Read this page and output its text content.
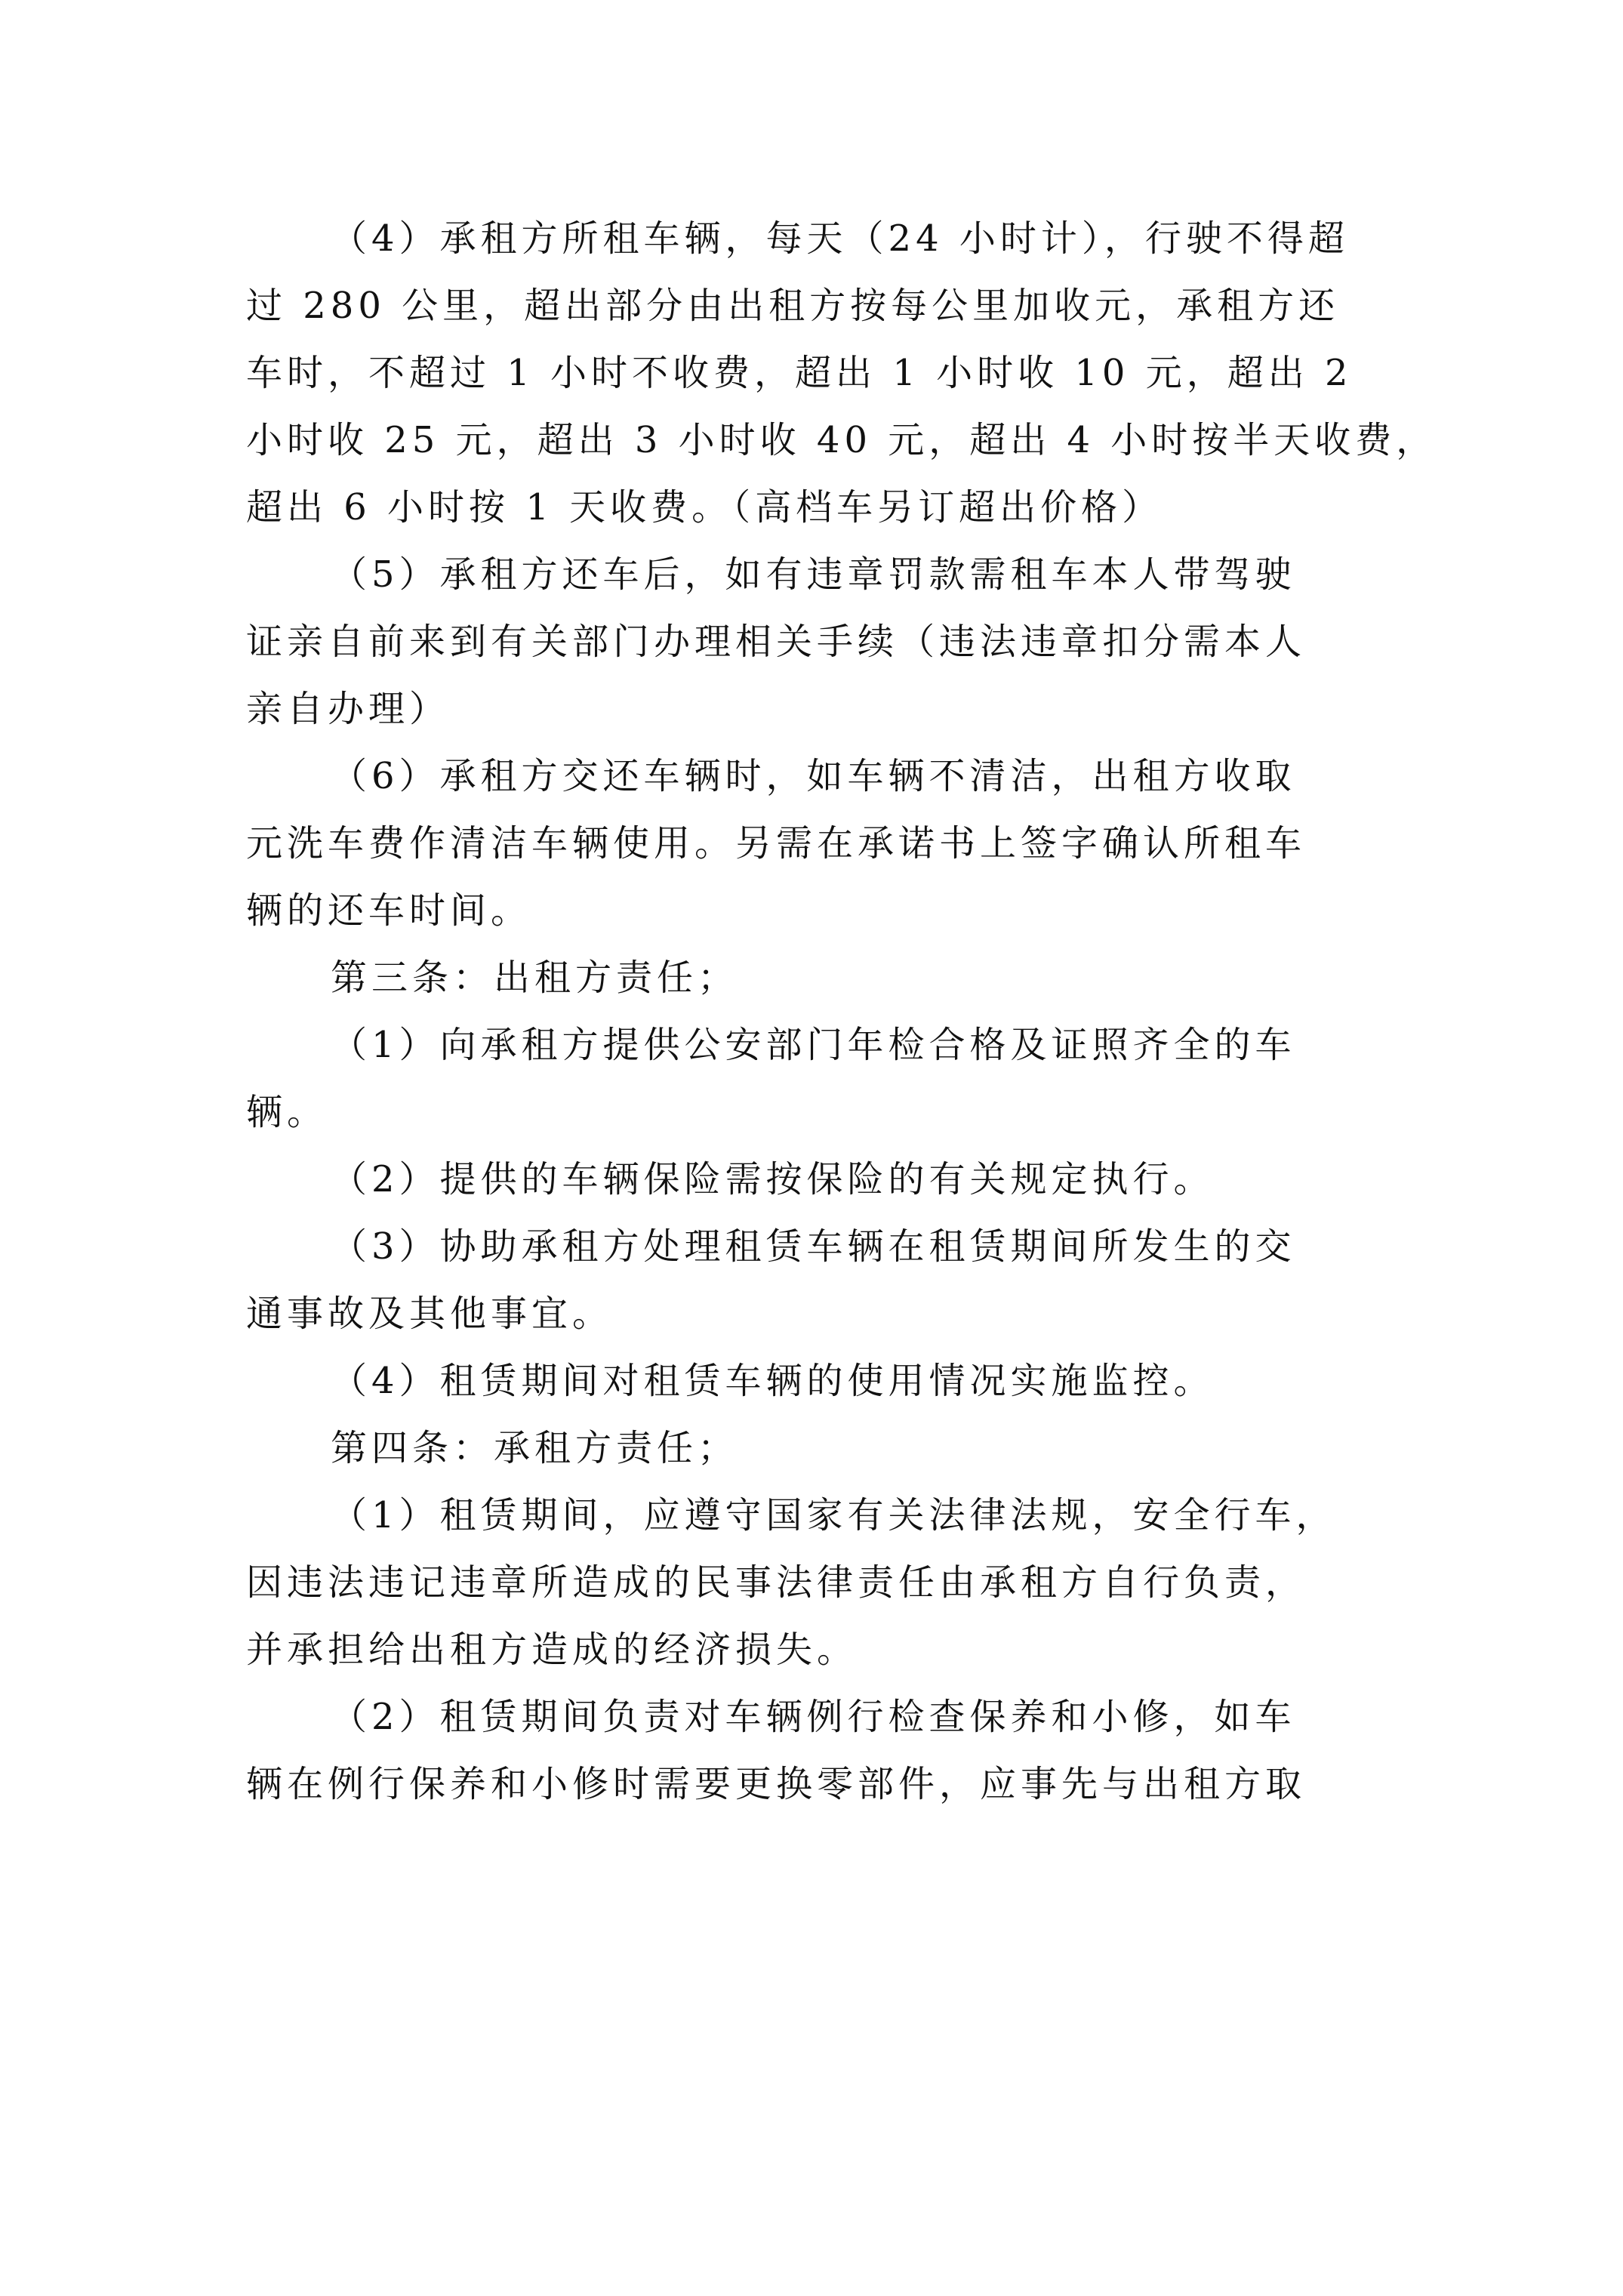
（4）承租方所租车辆，每天（24 小时计），行驶不得超
过 280 公里，超出部分由出租方按每公里加收元，承租方还
车时，不超过 1 小时不收费，超出 1 小时收 10 元，超出 2
小时收 25 元，超出 3 小时收 40 元，超出 4 小时按半天收费，
超出 6 小时按 1 天收费。（高档车另订超出价格）
（5）承租方还车后，如有违章罚款需租车本人带驾驶
证亲自前来到有关部门办理相关手续（违法违章扣分需本人
亲自办理）
（6）承租方交还车辆时，如车辆不清洁，出租方收取
元洗车费作清洁车辆使用。另需在承诺书上签字确认所租车
辆的还车时间。
第三条：出租方责任；
（1）向承租方提供公安部门年检合格及证照齐全的车
辆。
（2）提供的车辆保险需按保险的有关规定执行。
（3）协助承租方处理租赁车辆在租赁期间所发生的交
通事故及其他事宜。
（4）租赁期间对租赁车辆的使用情况实施监控。
第四条：承租方责任；
（1）租赁期间，应遵守国家有关法律法规，安全行车，
因违法违记违章所造成的民事法律责任由承租方自行负责，
并承担给出租方造成的经济损失。
（2）租赁期间负责对车辆例行检查保养和小修，如车
辆在例行保养和小修时需要更换零部件，应事先与出租方取
